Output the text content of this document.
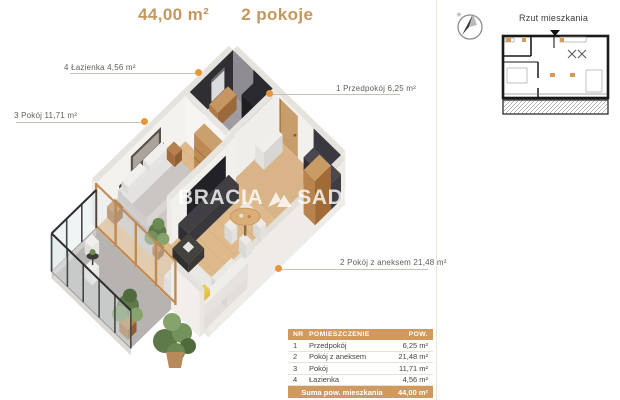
BRACIA SADURS
44,00 m² 2 pokoje
4 Łazienka 4,56 m²
3 Pokój 11,71 m²
1 Przedpokój 6,25 m²
2 Pokój z aneksem 21,48 m²
✳	Rzut mieszkania
NR POMIESZCZENIE	POW.
1	Przedpokój	6,25 m²
2	Pokój z aneksem	21,48 m²
3	Pokój	11,71 m²
4	Łazienka	4,56 m²
Suma pow. mieszkania	44,00 m²
